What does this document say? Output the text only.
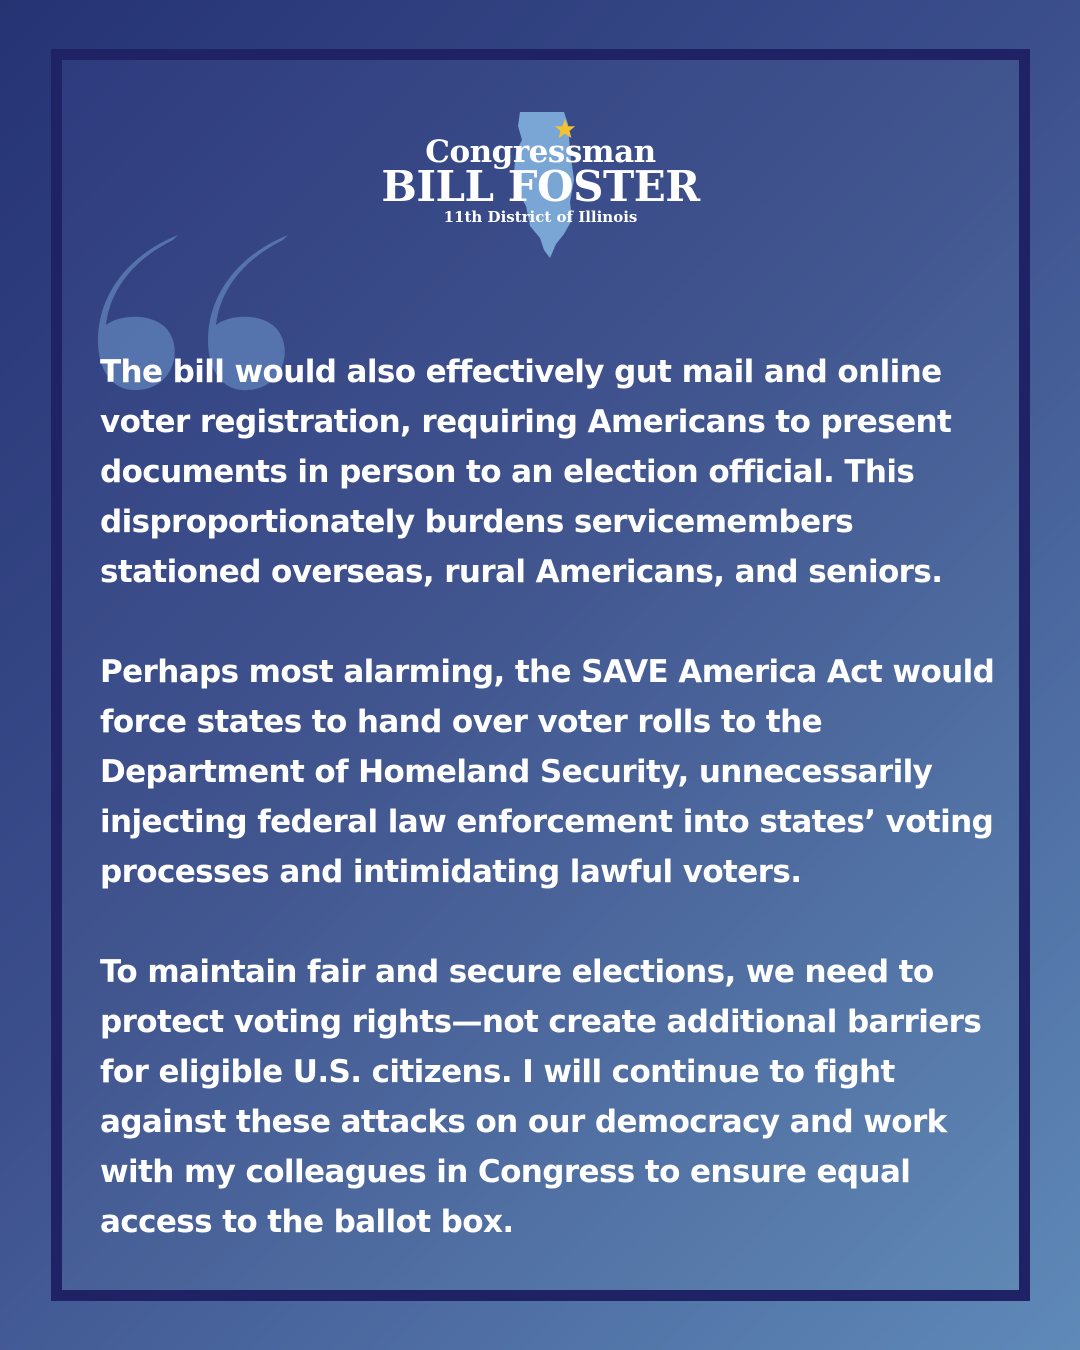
Congressman
BILL FOSTER
11th District of Illinois

The bill would also effectively gut mail and online voter registration, requiring Americans to present documents in person to an election official. This disproportionately burdens servicemembers stationed overseas, rural Americans, and seniors.

Perhaps most alarming, the SAVE America Act would force states to hand over voter rolls to the Department of Homeland Security, unnecessarily injecting federal law enforcement into states’ voting processes and intimidating lawful voters.

To maintain fair and secure elections, we need to protect voting rights—not create additional barriers for eligible U.S. citizens. I will continue to fight against these attacks on our democracy and work with my colleagues in Congress to ensure equal access to the ballot box.
